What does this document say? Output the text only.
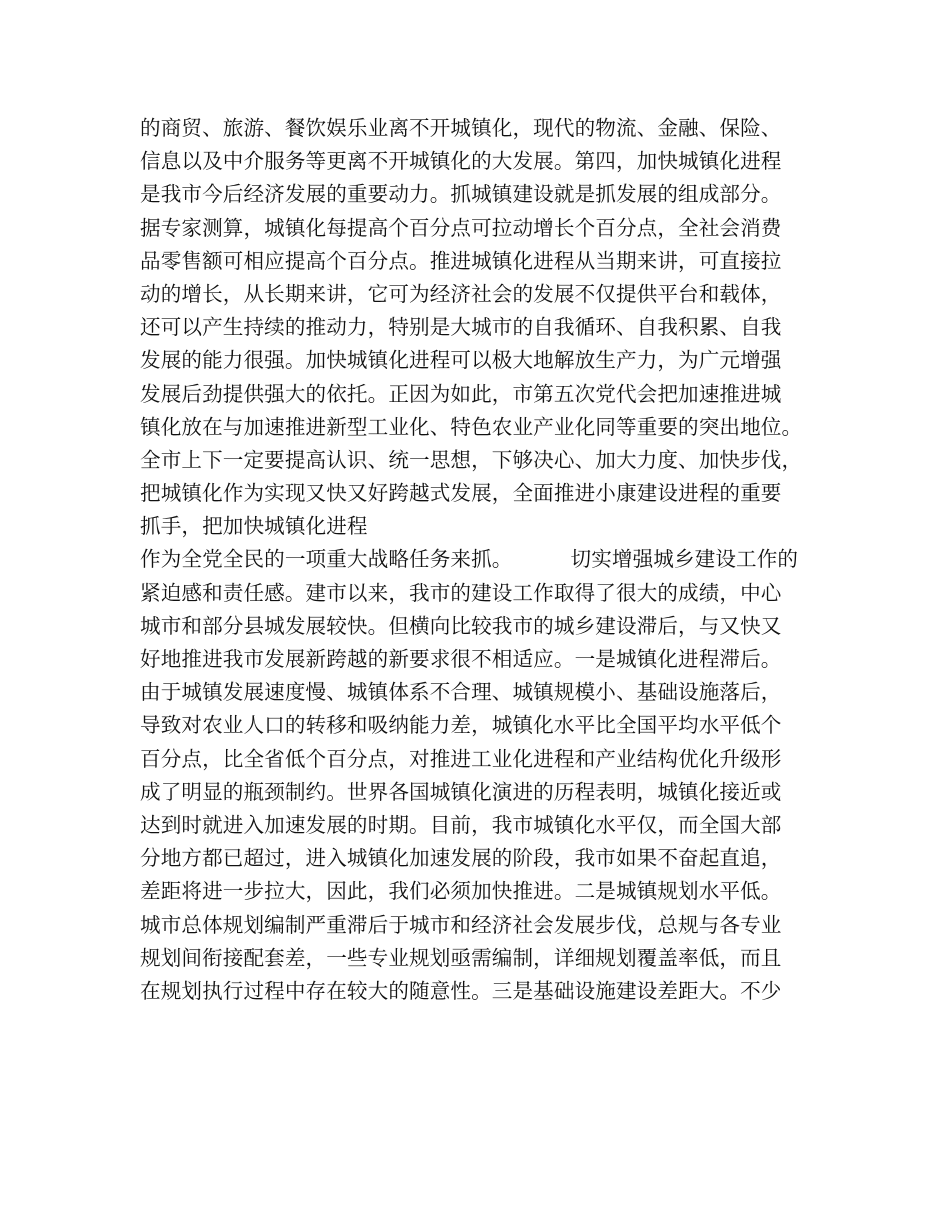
的商贸、旅游、餐饮娱乐业离不开城镇化，现代的物流、金融、保险、
信息以及中介服务等更离不开城镇化的大发展。第四，加快城镇化进程
是我市今后经济发展的重要动力。抓城镇建设就是抓发展的组成部分。
据专家测算，城镇化每提高个百分点可拉动增长个百分点，全社会消费
品零售额可相应提高个百分点。推进城镇化进程从当期来讲，可直接拉
动的增长，从长期来讲，它可为经济社会的发展不仅提供平台和载体，
还可以产生持续的推动力，特别是大城市的自我循环、自我积累、自我
发展的能力很强。加快城镇化进程可以极大地解放生产力，为广元增强
发展后劲提供强大的依托。正因为如此，市第五次党代会把加速推进城
镇化放在与加速推进新型工业化、特色农业产业化同等重要的突出地位。
全市上下一定要提高认识、统一思想，下够决心、加大力度、加快步伐，
把城镇化作为实现又快又好跨越式发展，全面推进小康建设进程的重要
抓手，把加快城镇化进程
作为全党全民的一项重大战略任务来抓。	切实增强城乡建设工作的
紧迫感和责任感。建市以来，我市的建设工作取得了很大的成绩，中心
城市和部分县城发展较快。但横向比较我市的城乡建设滞后，与又快又
好地推进我市发展新跨越的新要求很不相适应。一是城镇化进程滞后。
由于城镇发展速度慢、城镇体系不合理、城镇规模小、基础设施落后，
导致对农业人口的转移和吸纳能力差，城镇化水平比全国平均水平低个
百分点，比全省低个百分点，对推进工业化进程和产业结构优化升级形
成了明显的瓶颈制约。世界各国城镇化演进的历程表明，城镇化接近或
达到时就进入加速发展的时期。目前，我市城镇化水平仅，而全国大部
分地方都已超过，进入城镇化加速发展的阶段，我市如果不奋起直追，
差距将进一步拉大，因此，我们必须加快推进。二是城镇规划水平低。
城市总体规划编制严重滞后于城市和经济社会发展步伐，总规与各专业
规划间衔接配套差，一些专业规划亟需编制，详细规划覆盖率低，而且
在规划执行过程中存在较大的随意性。三是基础设施建设差距大。不少
